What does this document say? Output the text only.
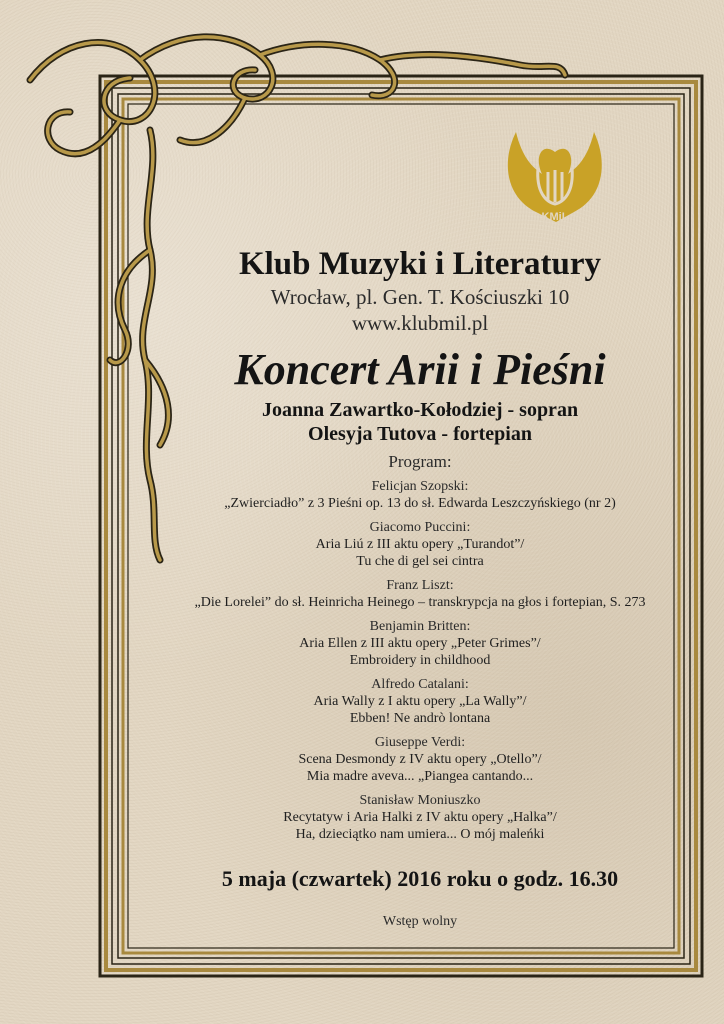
KMiL
Klub Muzyki i Literatury
Wrocław, pl. Gen. T. Kościuszki 10
www.klubmil.pl
Koncert Arii i Pieśni
Joanna Zawartko-Kołodziej - sopran
Olesyja Tutova - fortepian
Program:
Felicjan Szopski:
„Zwierciadło” z 3 Pieśni op. 13 do sł. Edwarda Leszczyńskiego (nr 2)
Giacomo Puccini:
Aria Liú z III aktu opery „Turandot”/
Tu che di gel sei cintra
Franz Liszt:
„Die Lorelei” do sł. Heinricha Heinego – transkrypcja na głos i fortepian, S. 273
Benjamin Britten:
Aria Ellen z III aktu opery „Peter Grimes”/
Embroidery in childhood
Alfredo Catalani:
Aria Wally z I aktu opery „La Wally”/
Ebben! Ne andrò lontana
Giuseppe Verdi:
Scena Desmondy z IV aktu opery „Otello”/
Mia madre aveva... „Piangea cantando...
Stanisław Moniuszko
Recytatyw i Aria Halki z IV aktu opery „Halka”/
Ha, dzieciątko nam umiera... O mój maleńki
5 maja (czwartek) 2016 roku o godz. 16.30
Wstęp wolny
